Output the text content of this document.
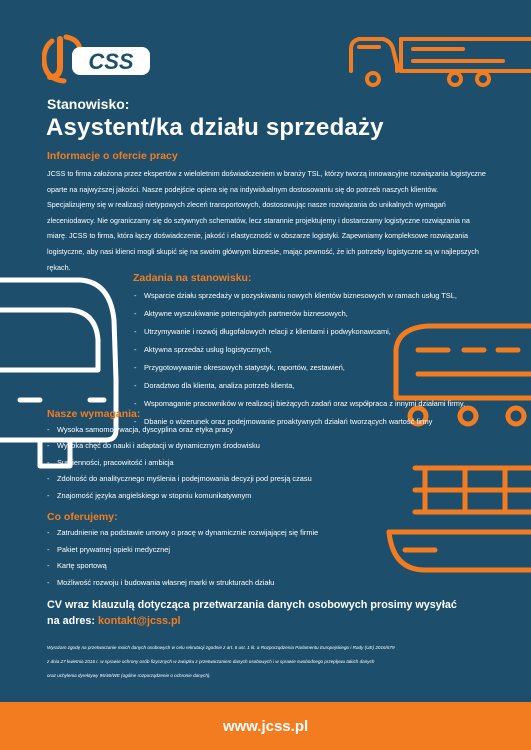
CSS
Stanowisko:
Asystent/ka działu sprzedaży
Informacje o ofercie pracy
JCSS to firma założona przez ekspertów z wieloletnim doświadczeniem w branży TSL, którzy tworzą innowacyjne rozwiązania logistyczne oparte na najwyższej jakości. Nasze podejście opiera się na indywidualnym dostosowaniu się do potrzeb naszych klientów. Specjalizujemy się w realizacji nietypowych zleceń transportowych, dostosowując nasze rozwiązania do unikalnych wymagań zleceniodawcy. Nie ograniczamy się do sztywnych schematów, lecz starannie projektujemy i dostarczamy logistyczne rozwiązania na miarę. JCSS to firma, która łączy doświadczenie, jakość i elastyczność w obszarze logistyki. Zapewniamy kompleksowe rozwiązania logistyczne, aby nasi klienci mogli skupić się na swoim głównym biznesie, mając pewność, że ich potrzeby logistyczne są w najlepszych rękach.
Zadania na stanowisku:
- Wsparcie działu sprzedaży w pozyskiwaniu nowych klientów biznesowych w ramach usług TSL,
- Aktywne wyszukiwanie potencjalnych partnerów biznesowych,
- Utrzymywanie i rozwój długofalowych relacji z klientami i podwykonawcami,
- Aktywna sprzedaż usług logistycznych,
- Przygotowywanie okresowych statystyk, raportów, zestawień,
- Doradztwo dla klienta, analiza potrzeb klienta,
- Wspomaganie pracowników w realizacji bieżących zadań oraz współpraca z innymi działami firmy,
- Dbanie o wizerunek oraz podejmowanie proaktywnych działań tworzących wartość firmy
Nasze wymagania:
- Wysoka samomotywacja, dyscyplina oraz etyka pracy
- Wysoka chęć do nauki i adaptacji w dynamicznym środowisku
- Sumienności, pracowitość i ambicja
- Zdolność do analitycznego myślenia i podejmowania decyzji pod presją czasu
- Znajomość języka angielskiego w stopniu komunikatywnym
Co oferujemy:
- Zatrudnienie na podstawie umowy o pracę w dynamicznie rozwijającej się firmie
- Pakiet prywatnej opieki medycznej
- Kartę sportową
- Możliwość rozwoju i budowania własnej marki w strukturach działu
CV wraz klauzulą dotycząca przetwarzania danych osobowych prosimy wysyłać
na adres: kontakt@jcss.pl
Wyrażam zgodę na przetwarzanie moich danych osobowych w celu rekrutacji zgodnie z art. 6 ust. 1 lit. a Rozporządzenia Parlamentu Europejskiego i Rady (UE) 2016/679
z dnia 27 kwietnia 2016 r. w sprawie ochrony osób fizycznych w związku z przetwarzaniem danych osobowych i w sprawie swobodnego przepływu takich danych
oraz uchylenia dyrektywy 95/46/WE (ogólne rozporządzenie o ochronie danych).
www.jcss.pl
